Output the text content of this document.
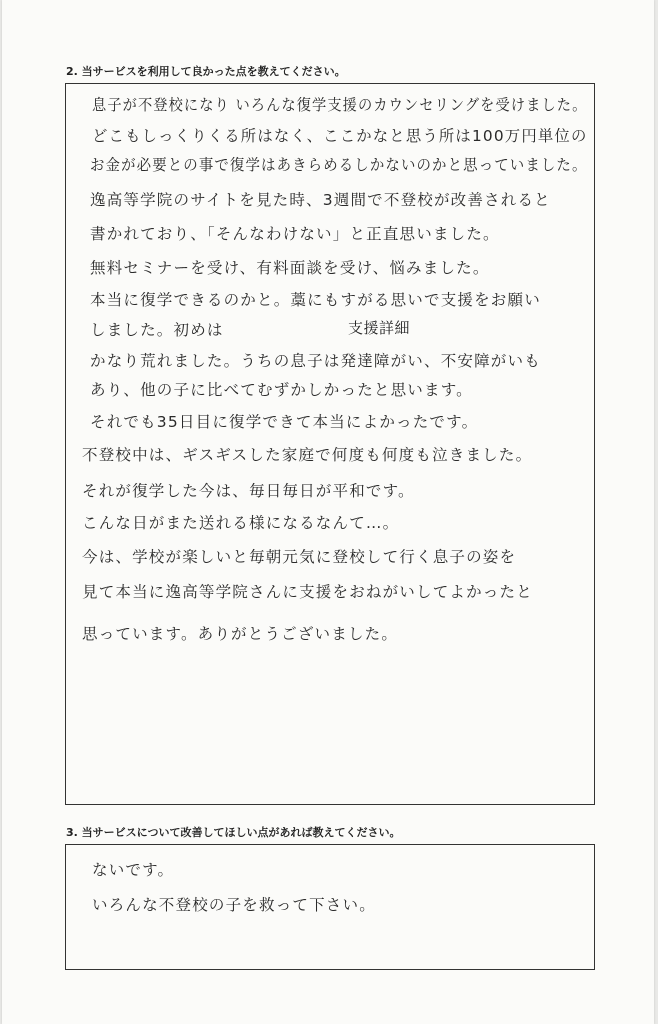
2. 当サービスを利用して良かった点を教えてください。
息子が不登校になり いろんな復学支援のカウンセリングを受けました。
どこもしっくりくる所はなく、ここかなと思う所は100万円単位の
お金が必要との事で復学はあきらめるしかないのかと思っていました。
逸高等学院のサイトを見た時、3週間で不登校が改善されると
書かれており、「そんなわけない」と正直思いました。
無料セミナーを受け、有料面談を受け、悩みました。
本当に復学できるのかと。藁にもすがる思いで支援をお願い
しました。初めは	支援詳細
かなり荒れました。うちの息子は発達障がい、不安障がいも
あり、他の子に比べてむずかしかったと思います。
それでも35日目に復学できて本当によかったです。
不登校中は、ギスギスした家庭で何度も何度も泣きました。
それが復学した今は、毎日毎日が平和です。
こんな日がまた送れる様になるなんて…。
今は、学校が楽しいと毎朝元気に登校して行く息子の姿を
見て本当に逸高等学院さんに支援をおねがいしてよかったと
思っています。ありがとうございました。
3. 当サービスについて改善してほしい点があれば教えてください。
ないです。
いろんな不登校の子を救って下さい。
